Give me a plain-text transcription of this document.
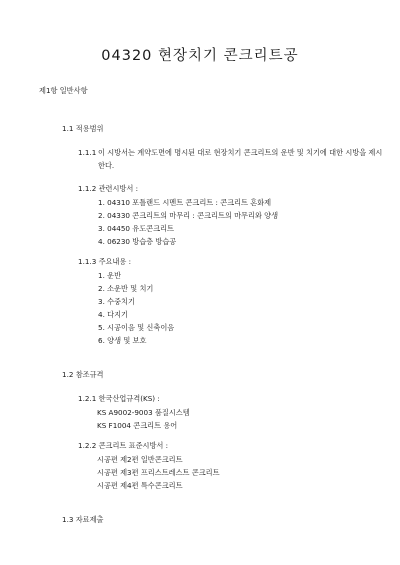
04320 현장치기 콘크리트공
제1항 일반사항
1.1 적용범위
1.1.1 이 시방서는 계약도면에 명시된 대로 현장치기 콘크리트의 운반 및 치기에 대한 시방을 제시한다.
1.1.2 관련시방서 :
1. 04310 포틀랜드 시멘트 콘크리트 : 콘크리트 혼화제
2. 04330 콘크리트의 마무리 : 콘크리트의 마무리와 양생
3. 04450 유도콘크리트
4. 06230 방습층 방습공
1.1.3 주요내용 :
1. 운반
2. 소운반 및 치기
3. 수중치기
4. 다지기
5. 시공이음 및 신축이음
6. 양생 및 보호
1.2 참조규격
1.2.1 한국산업규격(KS) :
KS A9002-9003 품질시스템
KS F1004 콘크리트 용어
1.2.2 콘크리트 표준시방서 :
시공편 제2편 일반콘크리트
시공편 제3편 프리스트레스트 콘크리트
시공편 제4편 특수콘크리트
1.3 자료제출
